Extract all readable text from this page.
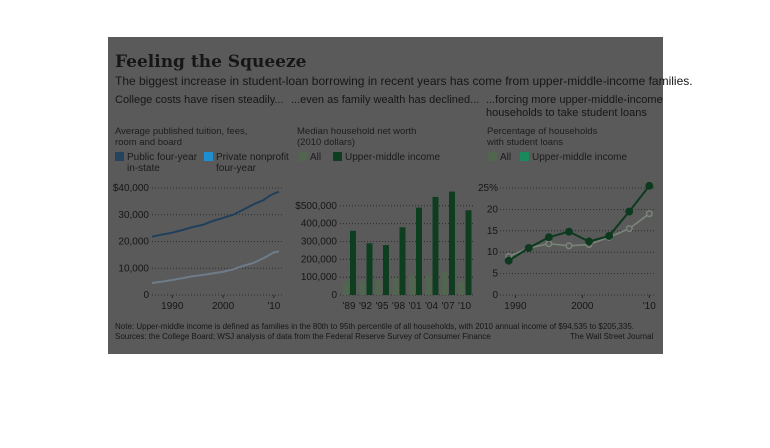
Feeling the Squeeze
The biggest increase in student-loan borrowing in recent years has come from upper-middle-income families.
College costs have risen steadily... ...even as family wealth has declined... ...forcing more upper-middle-income
households to take student loans
Average published tuition, fees,
room and board
Median household net worth
(2010 dollars)
Percentage of households
with student loans
Public four-year
in-state
Private nonprofit
four-year
All	Upper-middle income	All	Upper-middle income
0
10,000
20,000
30,000
$40,000
1990	2000	'10
0
100,000
200,000
300,000
400,000
$500,000
'89 '92 '95 '98 '01 '04 '07 '10
0
5
10
15
20
25%
1990	2000	'10
Note: Upper-middle income is defined as families in the 80th to 95th percentile of all households, with 2010 annual income of $94,535 to $205,335.
Sources: the College Board; WSJ analysis of data from the Federal Reserve Survey of Consumer Finance	The Wall Street Journal
